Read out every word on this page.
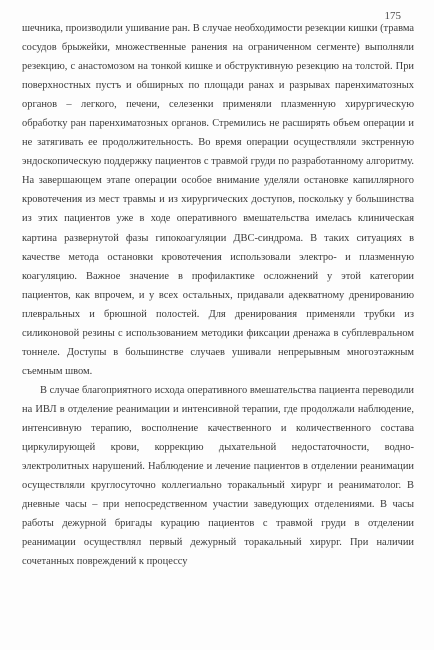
175

шечника, производили ушивание ран. В случае необходимости резекции кишки (травма сосудов брыжейки, множественные ранения на ограниченном сегменте) выполняли резекцию, с анастомозом на тонкой кишке и обструктивную резекцию на толстой. При поверхностных пустъ и обширных по площади ранах и разрывах паренхиматозных органов – легкого, печени, селезенки применяли плазменную хирургическую обработку ран паренхиматозных органов. Стремились не расширять объем операции и не затягивать ее продолжительность. Во время операции осуществляли экстренную эндоскопическую поддержку пациентов с травмой груди по разработанному алгоритму. На завершающем этапе операции особое внимание уделяли остановке капиллярного кровотечения из мест травмы и из хирургических доступов, поскольку у большинства из этих пациентов уже в ходе оперативного вмешательства имелась клиническая картина развернутой фазы гипокоагуляции ДВС-синдрома. В таких ситуациях в качестве метода остановки кровотечения использовали электро- и плазменную коагуляцию. Важное значение в профилактике осложнений у этой категории пациентов, как впрочем, и у всех остальных, придавали адекватному дренированию плевральных и брюшной полостей. Для дренирования применяли трубки из силиконовой резины с использованием методики фиксации дренажа в субплевральном тоннеле. Доступы в большинстве случаев ушивали непрерывным многоэтажным съемным швом.

В случае благоприятного исхода оперативного вмешательства пациента переводили на ИВЛ в отделение реанимации и интенсивной терапии, где продолжали наблюдение, интенсивную терапию, восполнение качественного и количественного состава циркулирующей крови, коррекцию дыхательной недостаточности, водно-электролитных нарушений. Наблюдение и лечение пациентов в отделении реанимации осуществляли круглосуточно коллегиально торакальный хирург и реаниматолог. В дневные часы – при непосредственном участии заведующих отделениями. В часы работы дежурной бригады курацию пациентов с травмой груди в отделении реанимации осуществлял первый дежурный торакальный хирург. При наличии сочетанных повреждений к процессу
